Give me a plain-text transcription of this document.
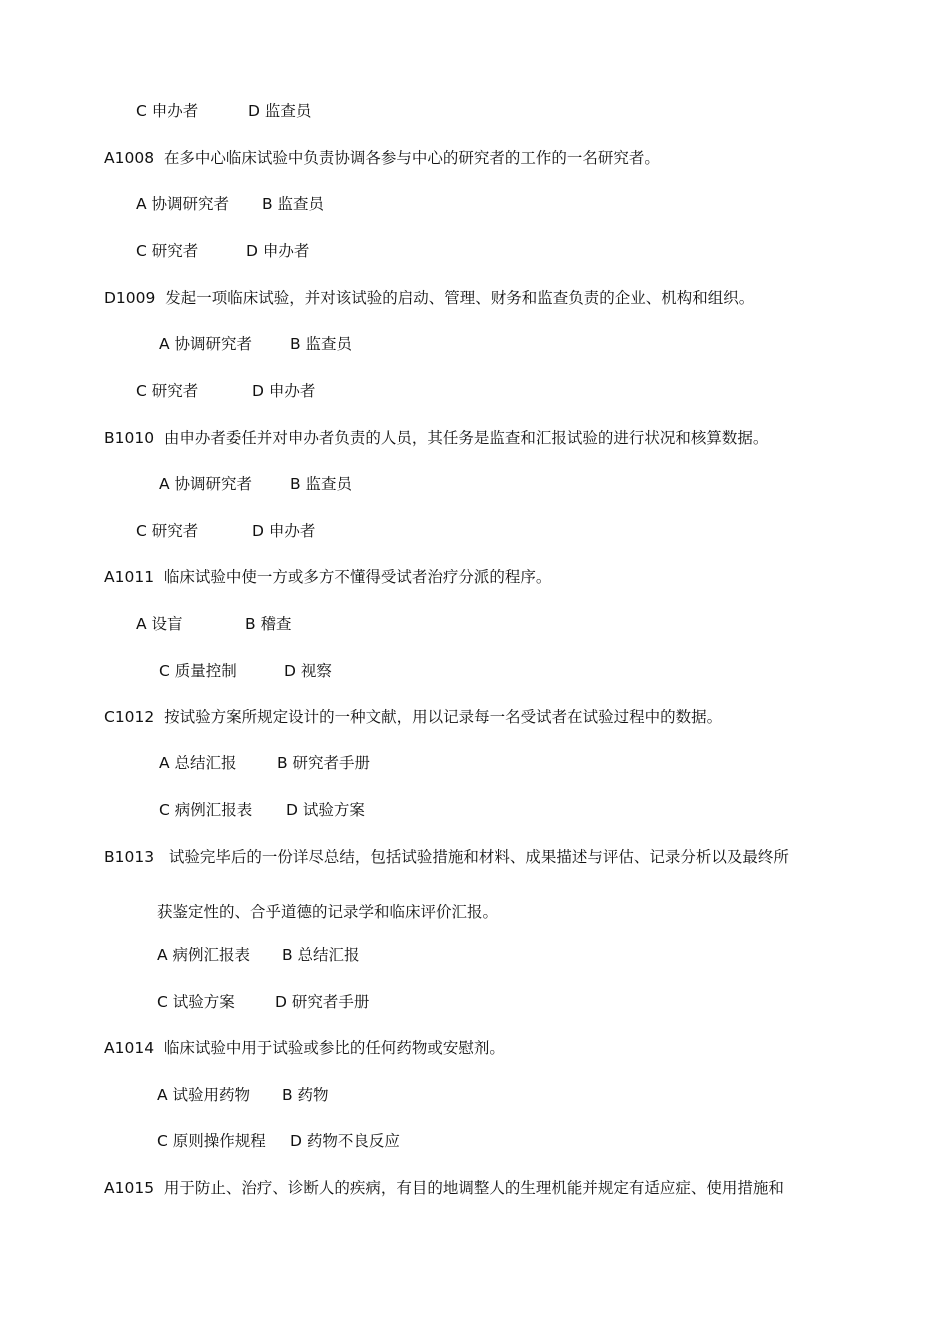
C 申办者	D 监查员
A1008  在多中心临床试验中负责协调各参与中心的研究者的工作的一名研究者。
A 协调研究者 B 监查员
C 研究者	D 申办者
D1009  发起一项临床试验，并对该试验的启动、管理、财务和监查负责的企业、机构和组织。
A 协调研究者 B 监查员
C 研究者	D 申办者
B1010  由申办者委任并对申办者负责的人员，其任务是监查和汇报试验的进行状况和核算数据。
A 协调研究者 B 监查员
C 研究者	D 申办者
A1011  临床试验中使一方或多方不懂得受试者治疗分派的程序。
A 设盲	B 稽查
C 质量控制	D 视察
C1012  按试验方案所规定设计的一种文献，用以记录每一名受试者在试验过程中的数据。
A 总结汇报	B 研究者手册
C 病例汇报表 D 试验方案
B1013   试验完毕后的一份详尽总结，包括试验措施和材料、成果描述与评估、记录分析以及最终所
获鉴定性的、合乎道德的记录学和临床评价汇报。
A 病例汇报表 B 总结汇报
C 试验方案	D 研究者手册
A1014  临床试验中用于试验或参比的任何药物或安慰剂。
A 试验用药物 B 药物
C 原则操作规程 D 药物不良反应
A1015  用于防止、治疗、诊断人的疾病，有目的地调整人的生理机能并规定有适应症、使用措施和
